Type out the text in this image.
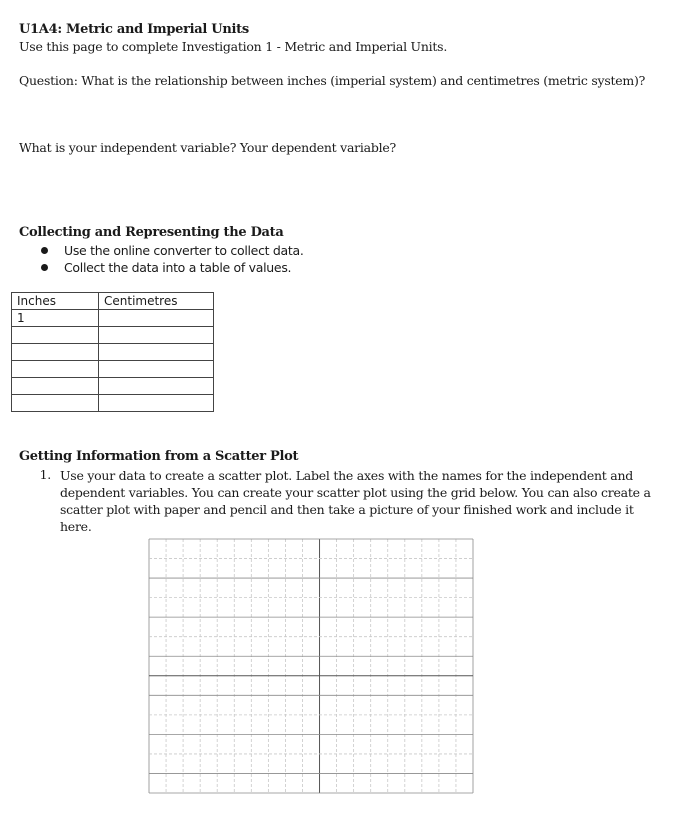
U1A4: Metric and Imperial Units
Use this page to complete Investigation 1 - Metric and Imperial Units.
Question: What is the relationship between inches (imperial system) and centimetres (metric system)?
What is your independent variable? Your dependent variable?
Collecting and Representing the Data
Use the online converter to collect data.
Collect the data into a table of values.
Inches	Centimetres
1	

Getting Information from a Scatter Plot
1. Use your data to create a scatter plot. Label the axes with the names for the independent and dependent variables. You can create your scatter plot using the grid below. You can also create a scatter plot with paper and pencil and then take a picture of your finished work and include it here.
